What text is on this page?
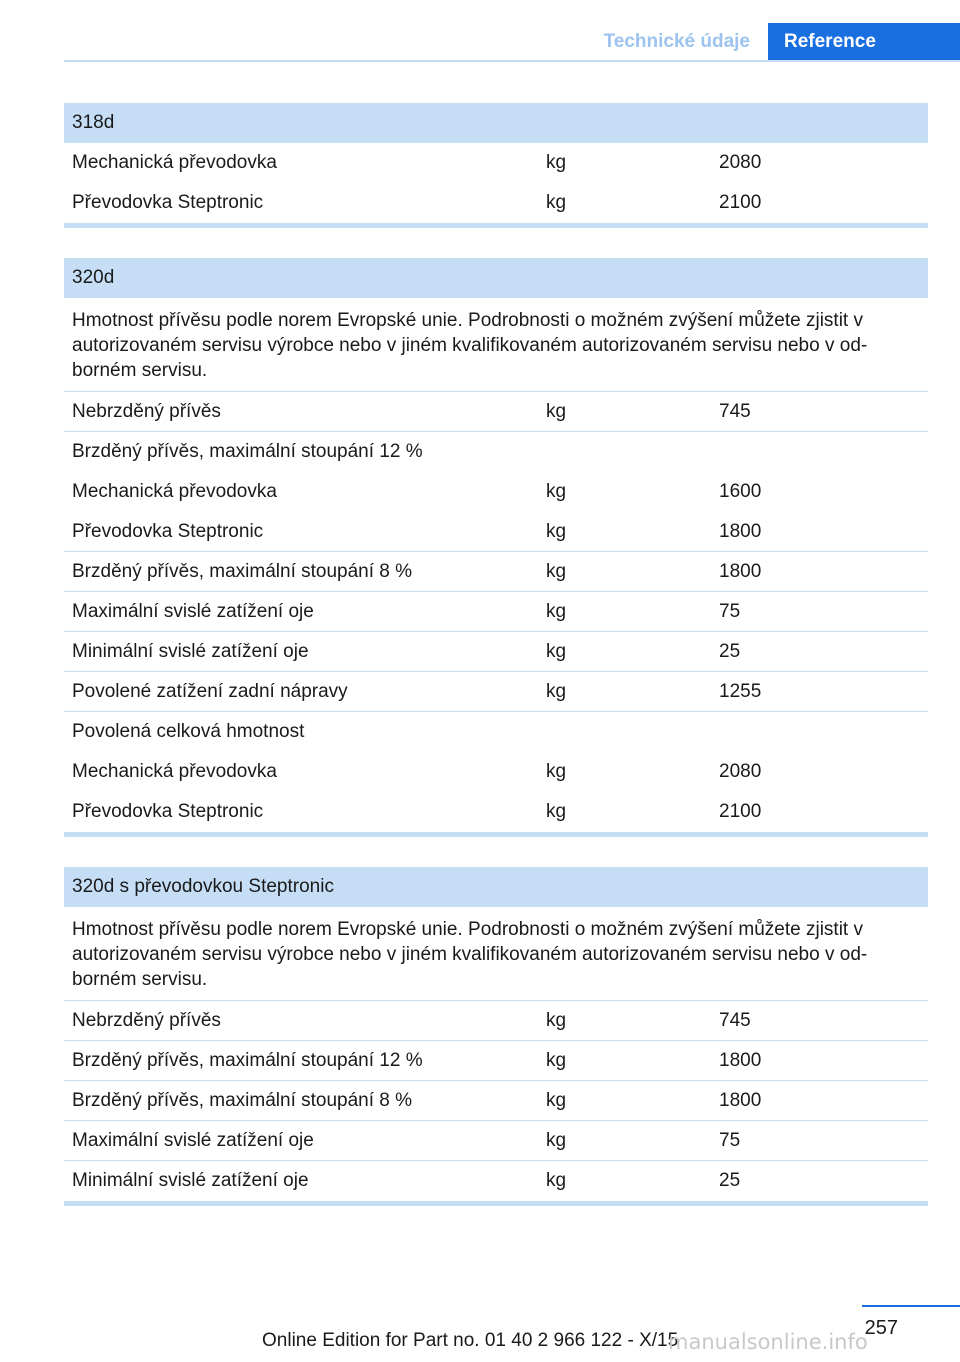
Technické údaje	Reference
318d
Mechanická převodovka	kg	2080
Převodovka Steptronic	kg	2100
320d
Hmotnost přívěsu podle norem Evropské unie. Podrobnosti o možném zvýšení můžete zjistit v autorizovaném servisu výrobce nebo v jiném kvalifikovaném autorizovaném servisu nebo v od-borném servisu.
Nebrzděný přívěs	kg	745
Brzděný přívěs, maximální stoupání 12 %
Mechanická převodovka	kg	1600
Převodovka Steptronic	kg	1800
Brzděný přívěs, maximální stoupání 8 %	kg	1800
Maximální svislé zatížení oje	kg	75
Minimální svislé zatížení oje	kg	25
Povolené zatížení zadní nápravy	kg	1255
Povolená celková hmotnost
Mechanická převodovka	kg	2080
Převodovka Steptronic	kg	2100
320d s převodovkou Steptronic
Hmotnost přívěsu podle norem Evropské unie. Podrobnosti o možném zvýšení můžete zjistit v autorizovaném servisu výrobce nebo v jiném kvalifikovaném autorizovaném servisu nebo v od-borném servisu.
Nebrzděný přívěs	kg	745
Brzděný přívěs, maximální stoupání 12 %	kg	1800
Brzděný přívěs, maximální stoupání 8 %	kg	1800
Maximální svislé zatížení oje	kg	75
Minimální svislé zatížení oje	kg	25
257
Online Edition for Part no. 01 40 2 966 122 - X/15
manualsonline.info
